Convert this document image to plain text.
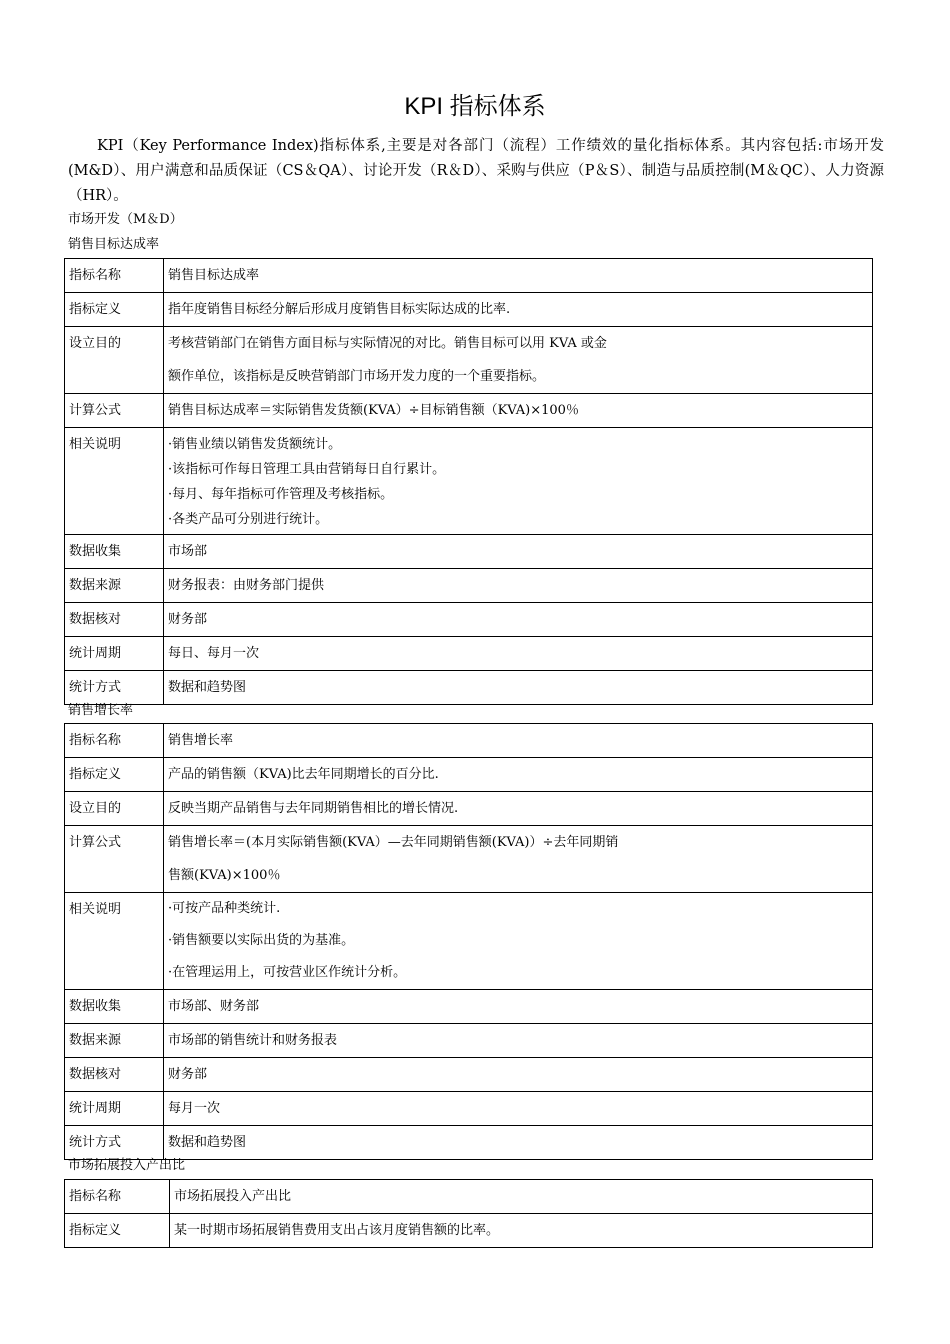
KPI 指标体系
KPI（Key Performance Index)指标体系,主要是对各部门（流程）工作绩效的量化指标体系。其内容包括:市场开发(M&D）、用户满意和品质保证（CS＆QA）、讨论开发（R＆D）、采购与供应（P＆S）、制造与品质控制(M＆QC）、人力资源（HR）。
市场开发（M＆D）
销售目标达成率
指标名称	销售目标达成率
指标定义	指年度销售目标经分解后形成月度销售目标实际达成的比率.
设立目的	考核营销部门在销售方面目标与实际情况的对比。销售目标可以用 KVA 或金
额作单位，该指标是反映营销部门市场开发力度的一个重要指标。

计算公式	销售目标达成率＝实际销售发货额(KVA）÷目标销售额（KVA)×100％
相关说明	·销售业绩以销售发货额统计。
·该指标可作每日管理工具由营销每日自行累计。
·每月、每年指标可作管理及考核指标。
·各类产品可分别进行统计。

数据收集	市场部
数据来源	财务报表：由财务部门提供
数据核对	财务部
统计周期	每日、每月一次
统计方式	数据和趋势图
销售增长率
指标名称	销售增长率
指标定义	产品的销售额（KVA)比去年同期增长的百分比.
设立目的	反映当期产品销售与去年同期销售相比的增长情况.
计算公式	销售增长率＝(本月实际销售额(KVA）—去年同期销售额(KVA)）÷去年同期销
售额(KVA)×100％

相关说明	·可按产品种类统计.
·销售额要以实际出货的为基准。
·在管理运用上，可按营业区作统计分析。

数据收集	市场部、财务部
数据来源	市场部的销售统计和财务报表
数据核对	财务部
统计周期	每月一次
统计方式	数据和趋势图
市场拓展投入产出比
指标名称	市场拓展投入产出比
指标定义	某一时期市场拓展销售费用支出占该月度销售额的比率。
